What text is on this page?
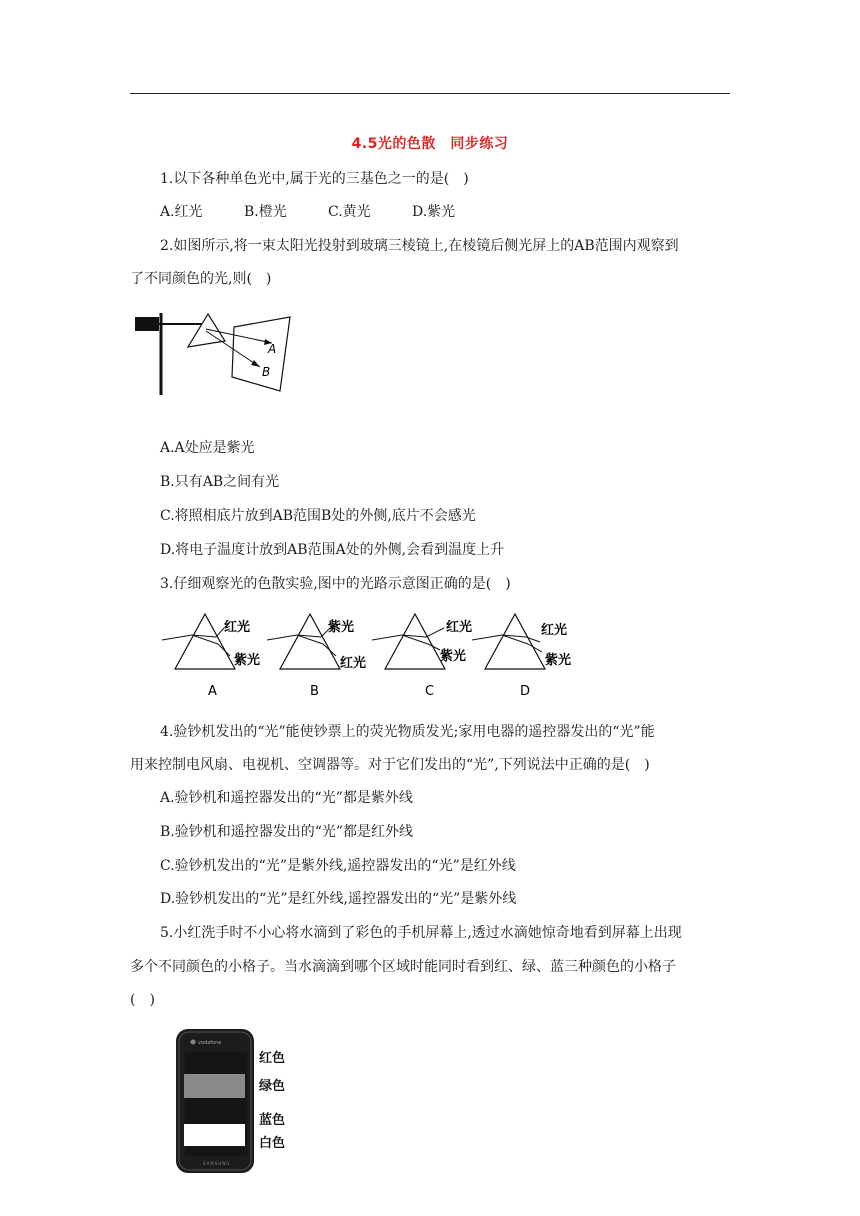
4.5光的色散　同步练习
1.以下各种单色光中,属于光的三基色之一的是(　)
A.红光	B.橙光	C.黄光	D.紫光
2.如图所示,将一束太阳光投射到玻璃三棱镜上,在棱镜后侧光屏上的AB范围内观察到
了不同颜色的光,则(　)
A
B
A.A处应是紫光
B.只有AB之间有光
C.将照相底片放到AB范围B处的外侧,底片不会感光
D.将电子温度计放到AB范围A处的外侧,会看到温度上升
3.仔细观察光的色散实验,图中的光路示意图正确的是(　)
红光
紫光
A
紫光
红光
B
红光
紫光
C
红光
紫光
D
4.验钞机发出的“光”能使钞票上的荧光物质发光;家用电器的遥控器发出的“光”能
用来控制电风扇、电视机、空调器等。对于它们发出的“光”,下列说法中正确的是(　)
A.验钞机和遥控器发出的“光”都是紫外线
B.验钞机和遥控器发出的“光”都是红外线
C.验钞机发出的“光”是紫外线,遥控器发出的“光”是红外线
D.验钞机发出的“光”是红外线,遥控器发出的“光”是紫外线
5.小红洗手时不小心将水滴到了彩色的手机屏幕上,透过水滴她惊奇地看到屏幕上出现
多个不同颜色的小格子。当水滴滴到哪个区域时能同时看到红、绿、蓝三种颜色的小格子
(　)
vodafone
SAMSUNG
红色
绿色
蓝色
白色
